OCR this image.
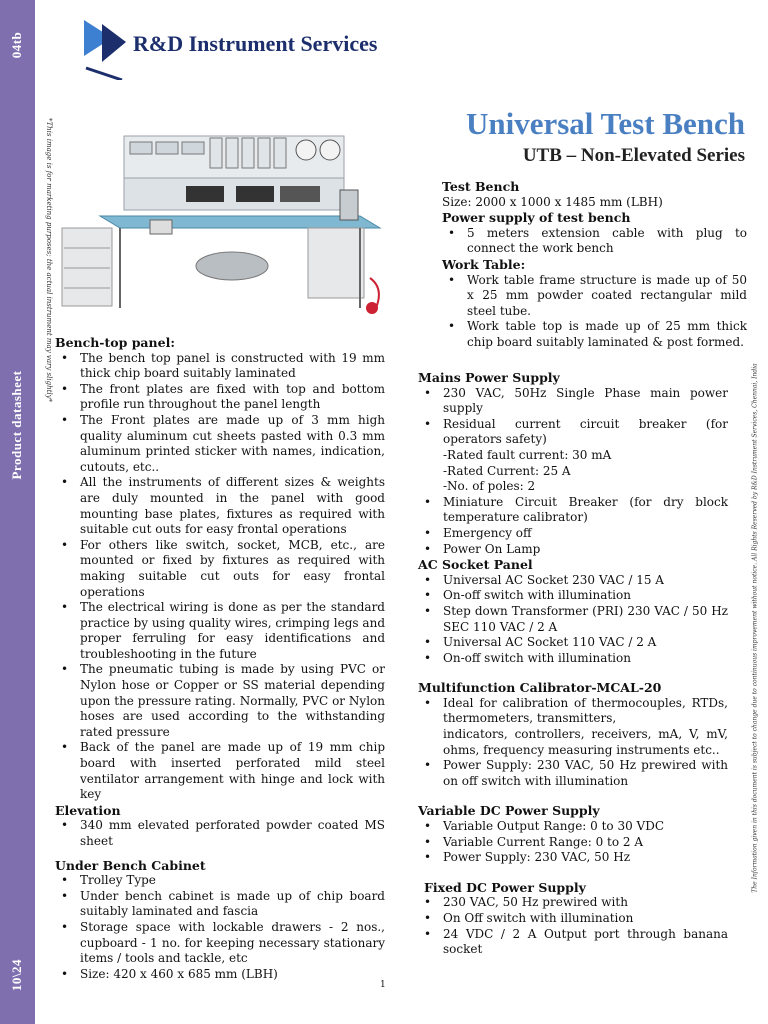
04tb
Product datasheet
10\24
R&D Instrument Services
Universal Test Bench
UTB – Non-Elevated Series
*This image is for marketing purposes; the actual instrument may vary slightly* Bench-top panel:
• The bench top panel is constructed with 19 mm thick chip board suitably laminated
• The front plates are fixed with top and bottom profile run throughout the panel length
• The Front plates are made up of 3 mm high quality aluminum cut sheets pasted with 0.3 mm aluminum printed sticker with names, indication, cutouts, etc..
• All the instruments of different sizes & weights are duly mounted in the panel with good mounting base plates, fixtures as required with suitable cut outs for easy frontal operations
• For others like switch, socket, MCB, etc., are mounted or fixed by fixtures as required with making suitable cut outs for easy frontal operations
• The electrical wiring is done as per the standard practice by using quality wires, crimping legs and proper ferruling for easy identifications and troubleshooting in the future
• The pneumatic tubing is made by using PVC or Nylon hose or Copper or SS material depending upon the pressure rating. Normally, PVC or Nylon hoses are used according to the withstanding rated pressure
• Back of the panel are made up of 19 mm chip board with inserted perforated mild steel ventilator arrangement with hinge and lock with key
Elevation
• 340 mm elevated perforated powder coated MS sheet
Under Bench Cabinet
• Trolley Type
• Under bench cabinet is made up of chip board suitably laminated and fascia
• Storage space with lockable drawers - 2 nos., cupboard - 1 no. for keeping necessary stationary items / tools and tackle, etc
• Size: 420 x 460 x 685 mm (LBH)
Test Bench
Size: 2000 x 1000 x 1485 mm (LBH)
Power supply of test bench
• 5 meters extension cable with plug to connect the work bench
Work Table:
• Work table frame structure is made up of 50 x 25 mm powder coated rectangular mild steel tube.
• Work table top is made up of 25 mm thick chip board suitably laminated & post formed.
Mains Power Supply
• 230 VAC, 50Hz Single Phase main power supply
• Residual current circuit breaker (for operators safety)
-Rated fault current: 30 mA
-Rated Current: 25 A
-No. of poles: 2
• Miniature Circuit Breaker (for dry block temperature calibrator)
• Emergency off
• Power On Lamp
AC Socket Panel
• Universal AC Socket 230 VAC / 15 A
• On-off switch with illumination
• Step down Transformer (PRI) 230 VAC / 50 Hz SEC 110 VAC / 2 A
• Universal AC Socket 110 VAC / 2 A
• On-off switch with illumination
Multifunction Calibrator-MCAL-20
• Ideal for calibration of thermocouples, RTDs, thermometers, transmitters,
indicators, controllers, receivers, mA, V, mV, ohms, frequency measuring instruments etc..
• Power Supply: 230 VAC, 50 Hz prewired with on off switch with illumination
Variable DC Power Supply
• Variable Output Range: 0 to 30 VDC
• Variable Current Range: 0 to 2 A
• Power Supply: 230 VAC, 50 Hz
Fixed DC Power Supply
• 230 VAC, 50 Hz prewired with
• On Off switch with illumination
• 24 VDC / 2 A Output port through banana socket
The Information given in this document is subject to change due to continuous improvement without notice. All Rights Reserved by R&D Instrument Services, Chennai, India
1
